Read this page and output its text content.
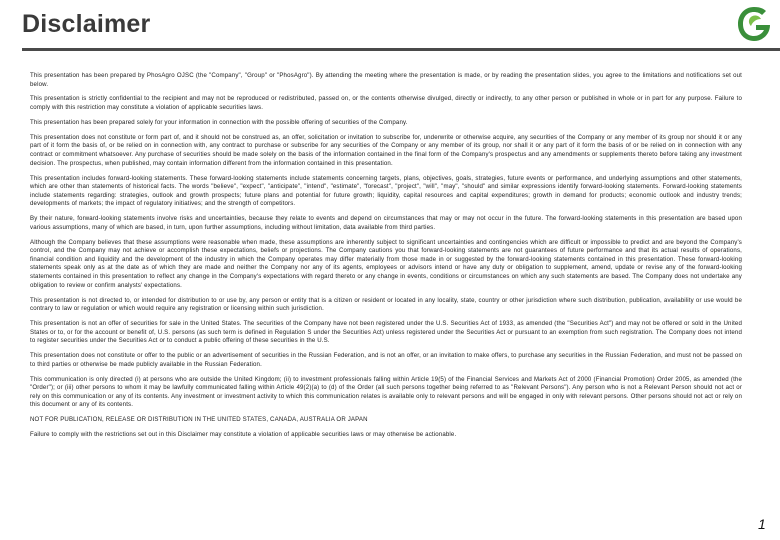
Disclaimer

This presentation has been prepared by PhosAgro OJSC (the "Company", "Group" or "PhosAgro"). By attending the meeting where the presentation is made, or by reading the presentation slides, you agree to the limitations and notifications set out below.

This presentation is strictly confidential to the recipient and may not be reproduced or redistributed, passed on, or the contents otherwise divulged, directly or indirectly, to any other person or published in whole or in part for any purpose. Failure to comply with this restriction may constitute a violation of applicable securities laws.

This presentation has been prepared solely for your information in connection with the possible offering of securities of the Company.

This presentation does not constitute or form part of, and it should not be construed as, an offer, solicitation or invitation to subscribe for, underwrite or otherwise acquire, any securities of the Company or any member of its group nor should it or any part of it form the basis of, or be relied on in connection with, any contract to purchase or subscribe for any securities of the Company or any member of its group, nor shall it or any part of it form the basis of or be relied on in connection with any contract or commitment whatsoever. Any purchase of securities should be made solely on the basis of the information contained in the final form of the Company's prospectus and any amendments or supplements thereto before taking any investment decision. The prospectus, when published, may contain information different from the information contained in this presentation.

This presentation includes forward-looking statements. These forward-looking statements include statements concerning targets, plans, objectives, goals, strategies, future events or performance, and underlying assumptions and other statements, which are other than statements of historical facts. The words "believe", "expect", "anticipate", "intend", "estimate", "forecast", "project", "will", "may", "should" and similar expressions identify forward-looking statements. Forward-looking statements include statements regarding: strategies, outlook and growth prospects; future plans and potential for future growth; liquidity, capital resources and capital expenditures; growth in demand for products; economic outlook and industry trends; developments of markets; the impact of regulatory initiatives; and the strength of competitors.

By their nature, forward-looking statements involve risks and uncertainties, because they relate to events and depend on circumstances that may or may not occur in the future. The forward-looking statements in this presentation are based upon various assumptions, many of which are based, in turn, upon further assumptions, including without limitation, data available from third parties.

Although the Company believes that these assumptions were reasonable when made, these assumptions are inherently subject to significant uncertainties and contingencies which are difficult or impossible to predict and are beyond the Company's control, and the Company may not achieve or accomplish these expectations, beliefs or projections. The Company cautions you that forward-looking statements are not guarantees of future performance and that its actual results of operations, financial condition and liquidity and the development of the industry in which the Company operates may differ materially from those made in or suggested by the forward-looking statements contained in this presentation. These forward-looking statements speak only as at the date as of which they are made and neither the Company nor any of its agents, employees or advisors intend or have any duty or obligation to supplement, amend, update or revise any of the forward-looking statements contained in this presentation to reflect any change in the Company's expectations with regard thereto or any change in events, conditions or circumstances on which any such statements are based. The Company does not undertake any obligation to review or confirm analysts' expectations.

This presentation is not directed to, or intended for distribution to or use by, any person or entity that is a citizen or resident or located in any locality, state, country or other jurisdiction where such distribution, publication, availability or use would be contrary to law or regulation or which would require any registration or licensing within such jurisdiction.

This presentation is not an offer of securities for sale in the United States. The securities of the Company have not been registered under the U.S. Securities Act of 1933, as amended (the "Securities Act") and may not be offered or sold in the United States or to, or for the account or benefit of, U.S. persons (as such term is defined in Regulation S under the Securities Act) unless registered under the Securities Act or pursuant to an exemption from such registration. The Company does not intend to register securities under the Securities Act or to conduct a public offering of these securities in the U.S.

This presentation does not constitute or offer to the public or an advertisement of securities in the Russian Federation, and is not an offer, or an invitation to make offers, to purchase any securities in the Russian Federation, and must not be passed on to third parties or otherwise be made publicly available in the Russian Federation.

This communication is only directed (i) at persons who are outside the United Kingdom; (ii) to investment professionals falling within Article 19(5) of the Financial Services and Markets Act of 2000 (Financial Promotion) Order 2005, as amended (the "Order"); or (iii) other persons to whom it may be lawfully communicated falling within Article 49(2)(a) to (d) of the Order (all such persons together being referred to as "Relevant Persons"). Any person who is not a Relevant Person should not act or rely on this communication or any of its contents. Any investment or investment activity to which this communication relates is available only to relevant persons and will be engaged in only with relevant persons. Other persons should not act or rely on this document or any of its contents.

NOT FOR PUBLICATION, RELEASE OR DISTRIBUTION IN THE UNITED STATES, CANADA, AUSTRALIA OR JAPAN

Failure to comply with the restrictions set out in this Disclaimer may constitute a violation of applicable securities laws or may otherwise be actionable.

1
